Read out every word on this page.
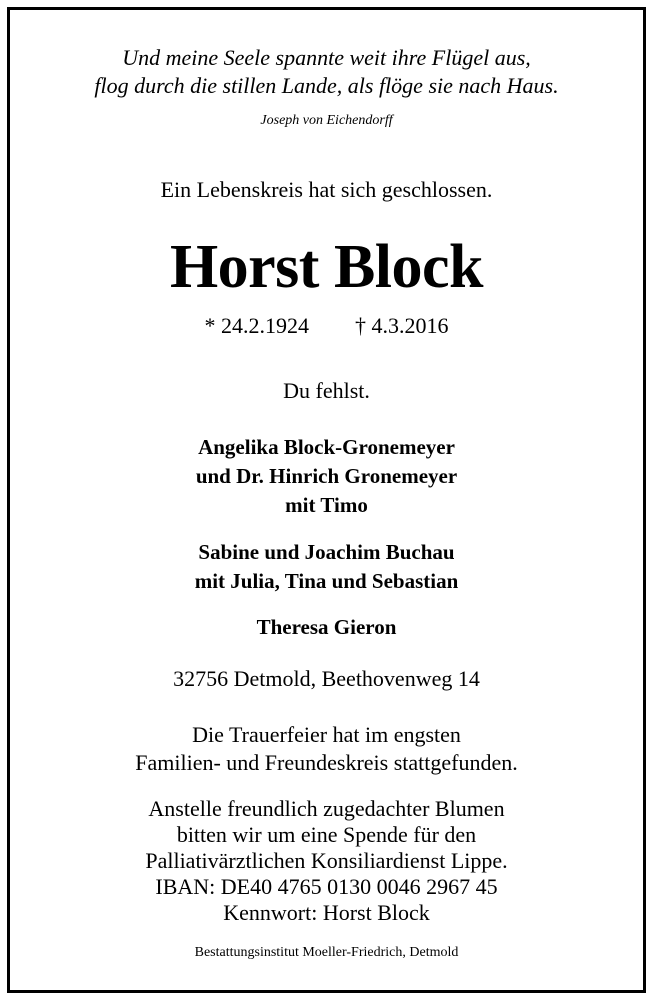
Und meine Seele spannte weit ihre Flügel aus,
flog durch die stillen Lande, als flöge sie nach Haus.
Joseph von Eichendorff
Ein Lebenskreis hat sich geschlossen.
Horst Block
* 24.2.1924 † 4.3.2016
Du fehlst.
Angelika Block-Gronemeyer
und Dr. Hinrich Gronemeyer
mit Timo
Sabine und Joachim Buchau
mit Julia, Tina und Sebastian
Theresa Gieron
32756 Detmold, Beethovenweg 14
Die Trauerfeier hat im engsten
Familien- und Freundeskreis stattgefunden.
Anstelle freundlich zugedachter Blumen
bitten wir um eine Spende für den
Palliativärztlichen Konsiliardienst Lippe.
IBAN: DE40 4765 0130 0046 2967 45
Kennwort: Horst Block
Bestattungsinstitut Moeller-Friedrich, Detmold
